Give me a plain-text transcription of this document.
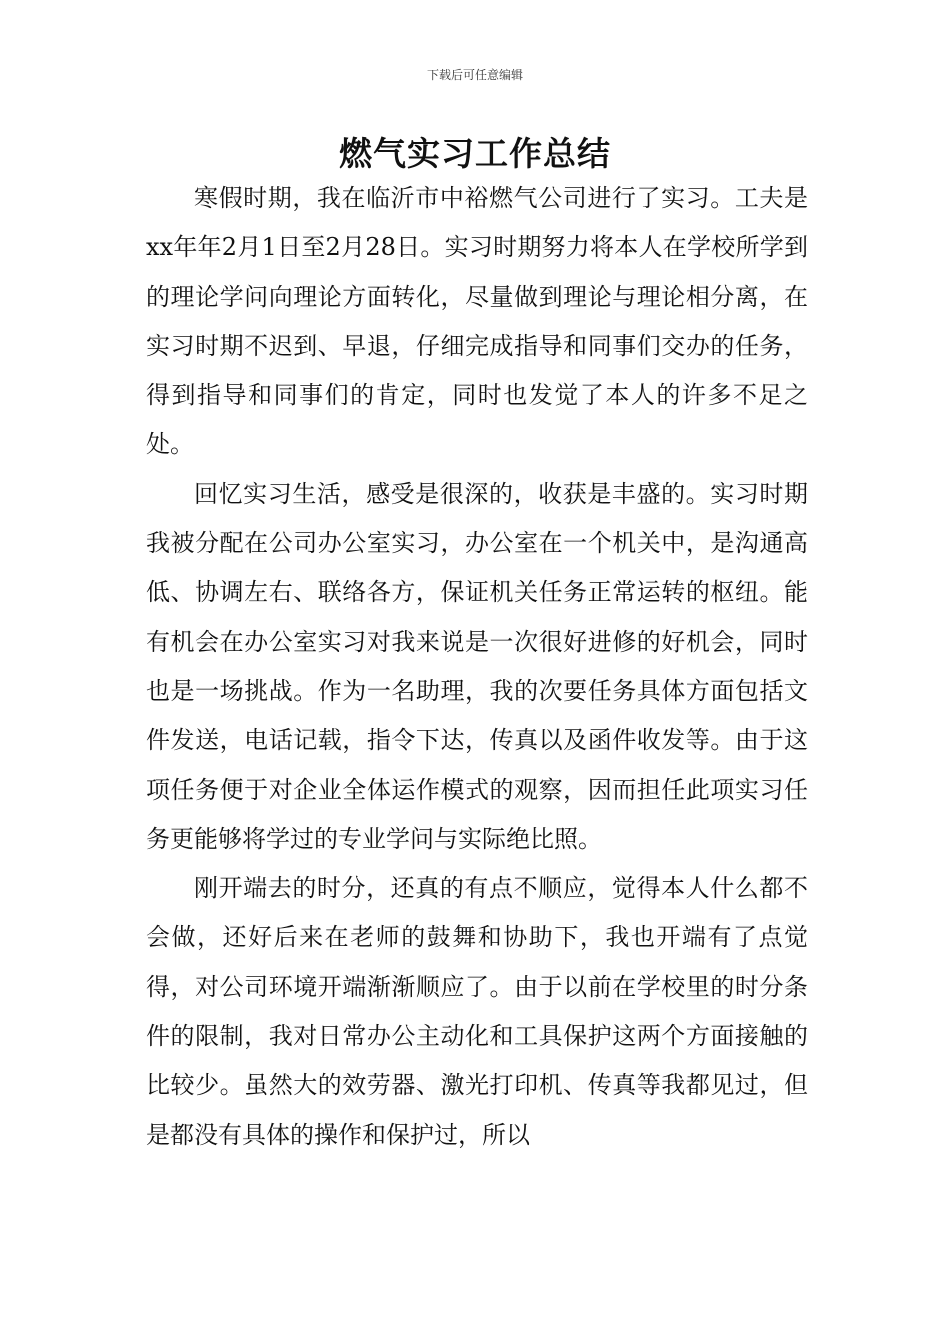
下载后可任意编辑
燃气实习工作总结

寒假时期，我在临沂市中裕燃气公司进行了实习。工夫是xx年年2月1日至2月28日。实习时期努力将本人在学校所学到的理论学问向理论方面转化，尽量做到理论与理论相分离，在实习时期不迟到、早退，仔细完成指导和同事们交办的任务，得到指导和同事们的肯定，同时也发觉了本人的许多不足之处。

回忆实习生活，感受是很深的，收获是丰盛的。实习时期我被分配在公司办公室实习，办公室在一个机关中，是沟通高低、协调左右、联络各方，保证机关任务正常运转的枢纽。能有机会在办公室实习对我来说是一次很好进修的好机会，同时也是一场挑战。作为一名助理，我的次要任务具体方面包括文件发送，电话记载，指令下达，传真以及函件收发等。由于这项任务便于对企业全体运作模式的观察，因而担任此项实习任务更能够将学过的专业学问与实际绝比照。

刚开端去的时分，还真的有点不顺应，觉得本人什么都不会做，还好后来在老师的鼓舞和协助下，我也开端有了点觉得，对公司环境开端渐渐顺应了。由于以前在学校里的时分条件的限制，我对日常办公主动化和工具保护这两个方面接触的比较少。虽然大的效劳器、激光打印机、传真等我都见过，但是都没有具体的操作和保护过，所以
